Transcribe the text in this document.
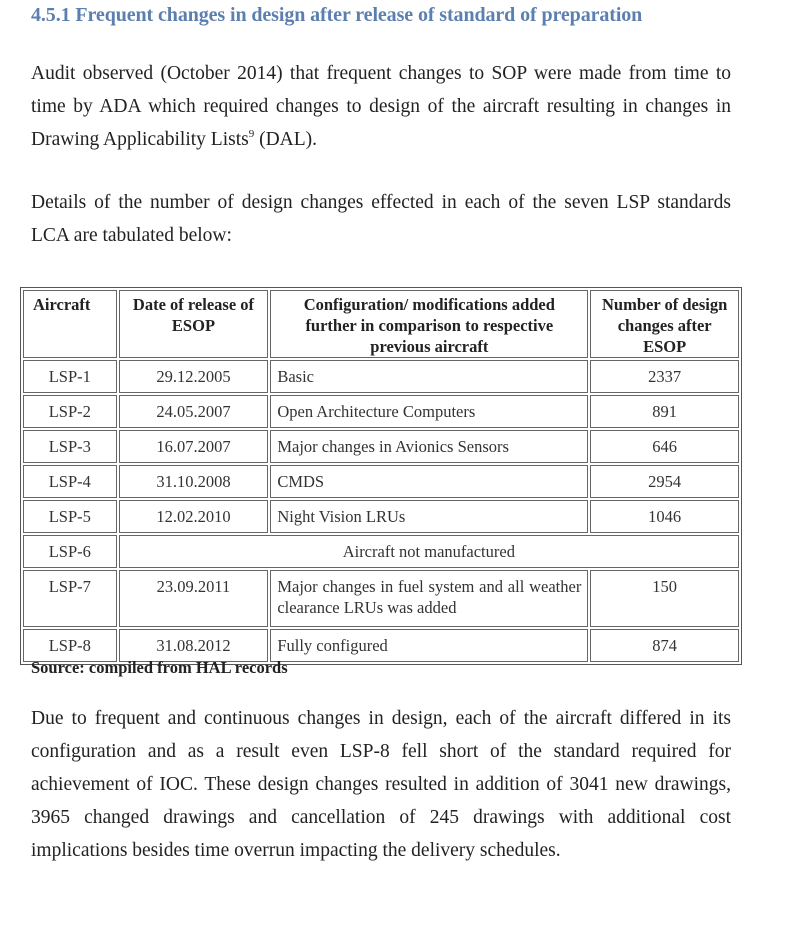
4.5.1 Frequent changes in design after release of standard of preparation
Audit observed (October 2014) that frequent changes to SOP were made from time to time by ADA which required changes to design of the aircraft resulting in changes in Drawing Applicability Lists$^9$ (DAL).
Details of the number of design changes effected in each of the seven LSP standards LCA are tabulated below:
Aircraft	Date of release of ESOP	Configuration/ modifications added further in comparison to respective previous aircraft	Number of design changes after ESOP
LSP-1	29.12.2005	Basic	2337
LSP-2	24.05.2007	Open Architecture Computers	891
LSP-3	16.07.2007	Major changes in Avionics Sensors	646
LSP-4	31.10.2008	CMDS	2954
LSP-5	12.02.2010	Night Vision LRUs	1046
LSP-6	Aircraft not manufactured		
LSP-7	23.09.2011	Major changes in fuel system and all weather clearance LRUs was added	150
LSP-8	31.08.2012	Fully configured	874
Source: compiled from HAL records
Due to frequent and continuous changes in design, each of the aircraft differed in its configuration and as a result even LSP-8 fell short of the standard required for achievement of IOC. These design changes resulted in addition of 3041 new drawings, 3965 changed drawings and cancellation of 245 drawings with additional cost implications besides time overrun impacting the delivery schedules.
